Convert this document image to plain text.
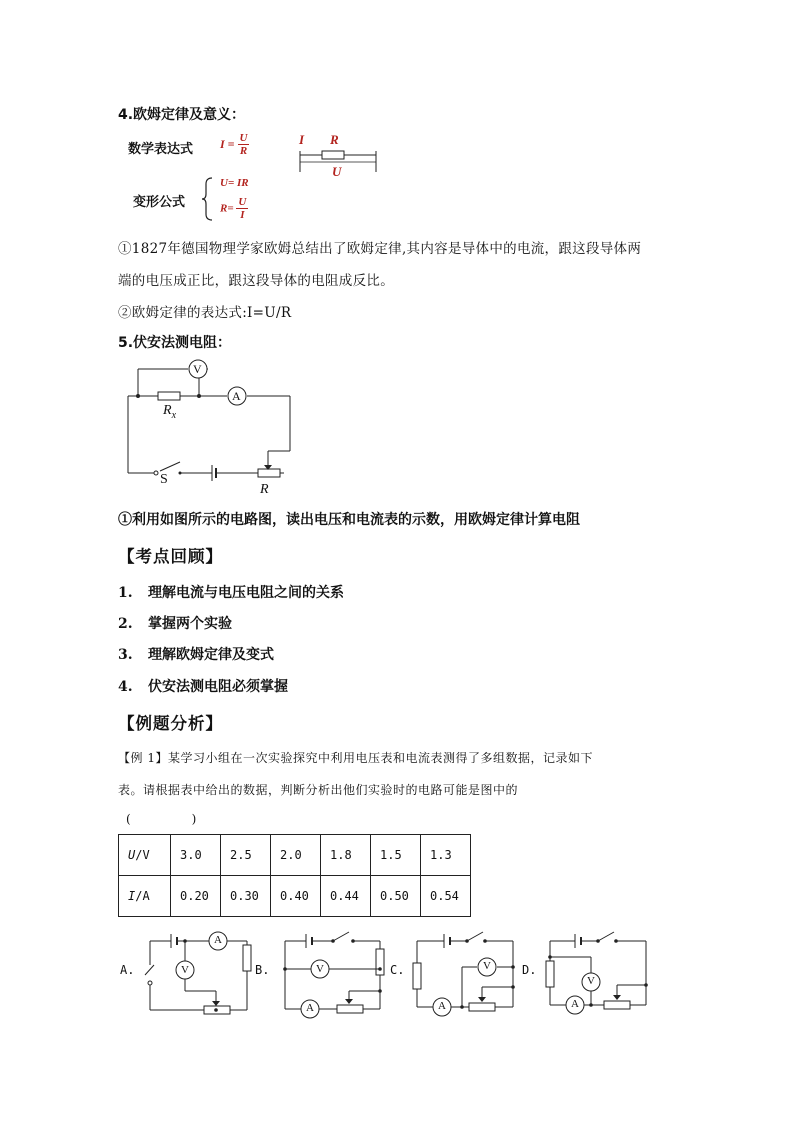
4.欧姆定律及意义：
数学表达式 $I = \frac{U}{R}$	I R
U
变形公式
U= IR
$R= \frac{U}{I}$
①1827年德国物理学家欧姆总结出了欧姆定律,其内容是导体中的电流，跟这段导体两
端的电压成正比，跟这段导体的电阻成反比。
②欧姆定律的表达式:I=U/R
5.伏安法测电阻：
V
A
$R_x$
S
R
①利用如图所示的电路图，读出电压和电流表的示数，用欧姆定律计算电阻
【考点回顾】
1. 理解电流与电压电阻之间的关系
2. 掌握两个实验
3. 理解欧姆定律及变式
4. 伏安法测电阻必须掌握
【例题分析】
【例 1】某学习小组在一次实验探究中利用电压表和电流表测得了多组数据，记录如下
表。请根据表中给出的数据，判断分析出他们实验时的电路可能是图中的
(              )
U/V	3.0	2.5	2.0	1.8	1.5	1.3
I/A	0.20	0.30	0.40	0.44	0.50	0.54
A
V
A.	V
A
B.	V
A
C.
V
A
D.
